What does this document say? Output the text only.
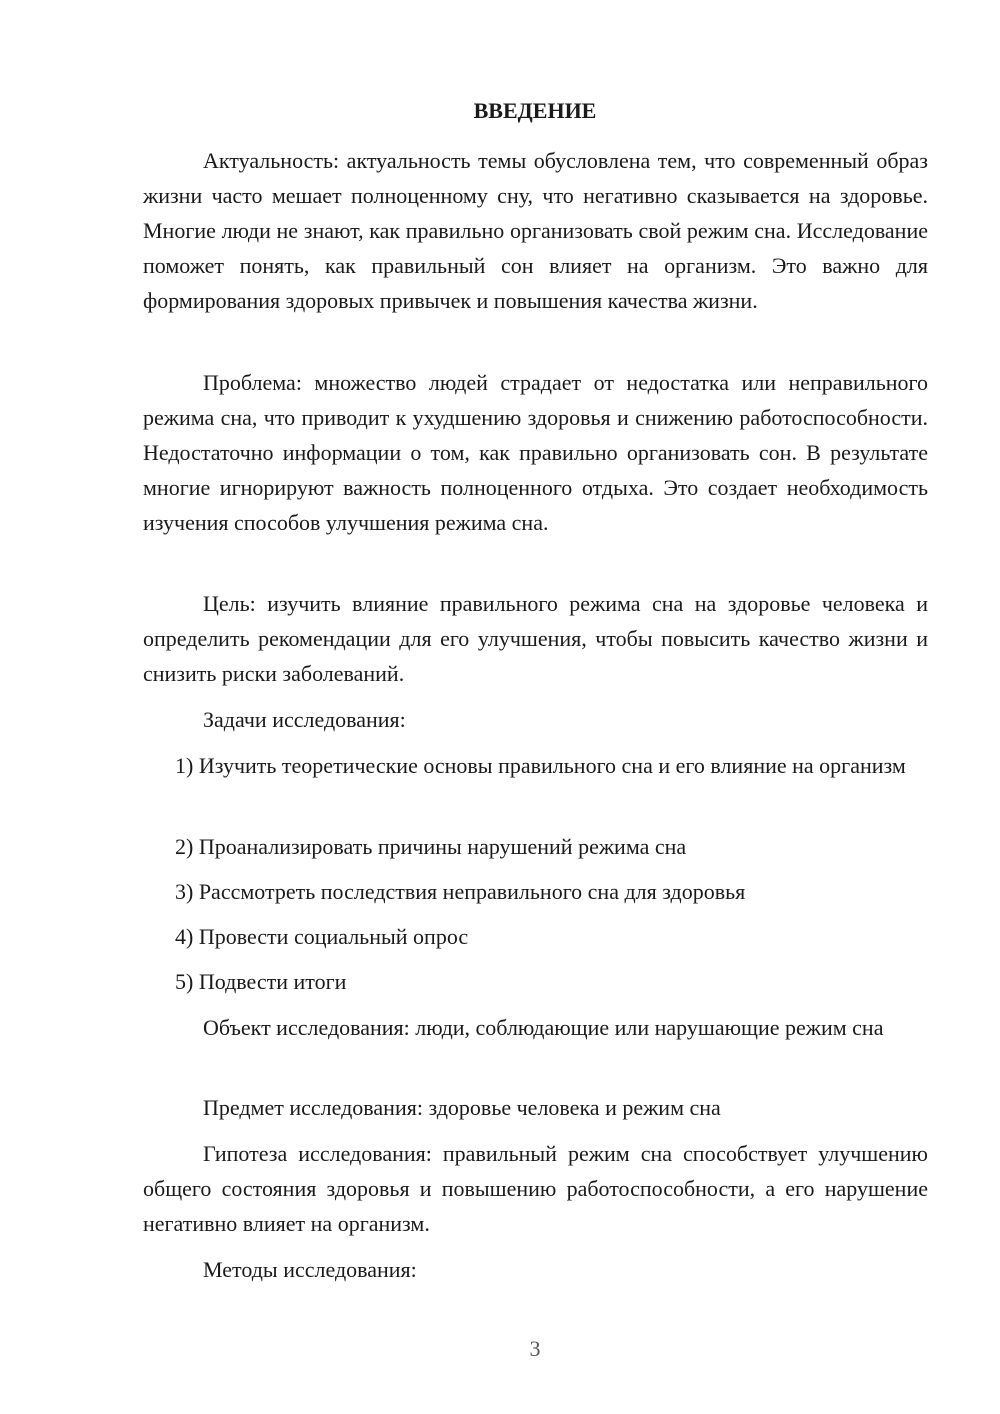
ВВЕДЕНИЕ
Актуальность: актуальность темы обусловлена тем, что современный образ жизни часто мешает полноценному сну, что негативно сказывается на здоровье. Многие люди не знают, как правильно организовать свой режим сна. Исследование поможет понять, как правильный сон влияет на организм. Это важно для формирования здоровых привычек и повышения качества жизни.
Проблема: множество людей страдает от недостатка или неправильного режима сна, что приводит к ухудшению здоровья и снижению работоспособности. Недостаточно информации о том, как правильно организовать сон. В результате многие игнорируют важность полноценного отдыха. Это создает необходимость изучения способов улучшения режима сна.
Цель: изучить влияние правильного режима сна на здоровье человека и определить рекомендации для его улучшения, чтобы повысить качество жизни и снизить риски заболеваний.
Задачи исследования:
1) Изучить теоретические основы правильного сна и его влияние на организм
2) Проанализировать причины нарушений режима сна
3) Рассмотреть последствия неправильного сна для здоровья
4) Провести социальный опрос
5) Подвести итоги
Объект исследования: люди, соблюдающие или нарушающие режим сна
Предмет исследования: здоровье человека и режим сна
Гипотеза исследования: правильный режим сна способствует улучшению общего состояния здоровья и повышению работоспособности, а его нарушение негативно влияет на организм.
Методы исследования:
3
